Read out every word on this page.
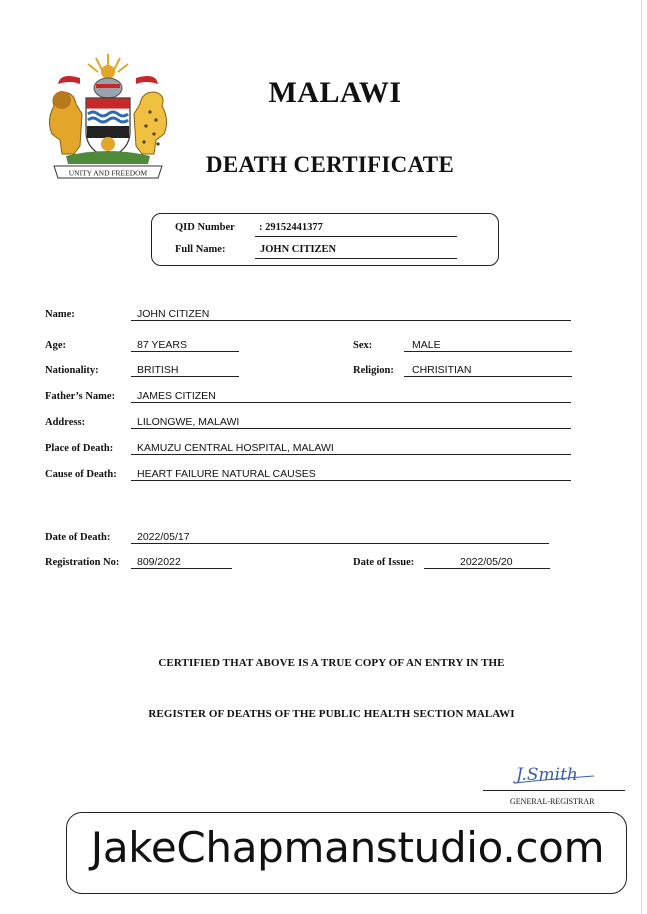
UNITY AND FREEDOM
MALAWI
DEATH CERTIFICATE
QID Number : 29152441377
Full Name:	JOHN CITIZEN
Name:	JOHN CITIZEN
Age:	87 YEARS	Sex:	MALE
Nationality:	BRITISH	Religion: CHRISITIAN
Father’s Name: JAMES CITIZEN
Address:	LILONGWE, MALAWI
Place of Death: KAMUZU CENTRAL HOSPITAL, MALAWI
Cause of Death: HEART FAILURE NATURAL CAUSES
Date of Death:	2022/05/17
Registration No: 809/2022	Date of Issue:	2022/05/20
CERTIFIED THAT ABOVE IS A TRUE COPY OF AN ENTRY IN THE
REGISTER OF DEATHS OF THE PUBLIC HEALTH SECTION MALAWI
J.Smith
GENERAL-REGISTRAR
JakeChapmanstudio.com
